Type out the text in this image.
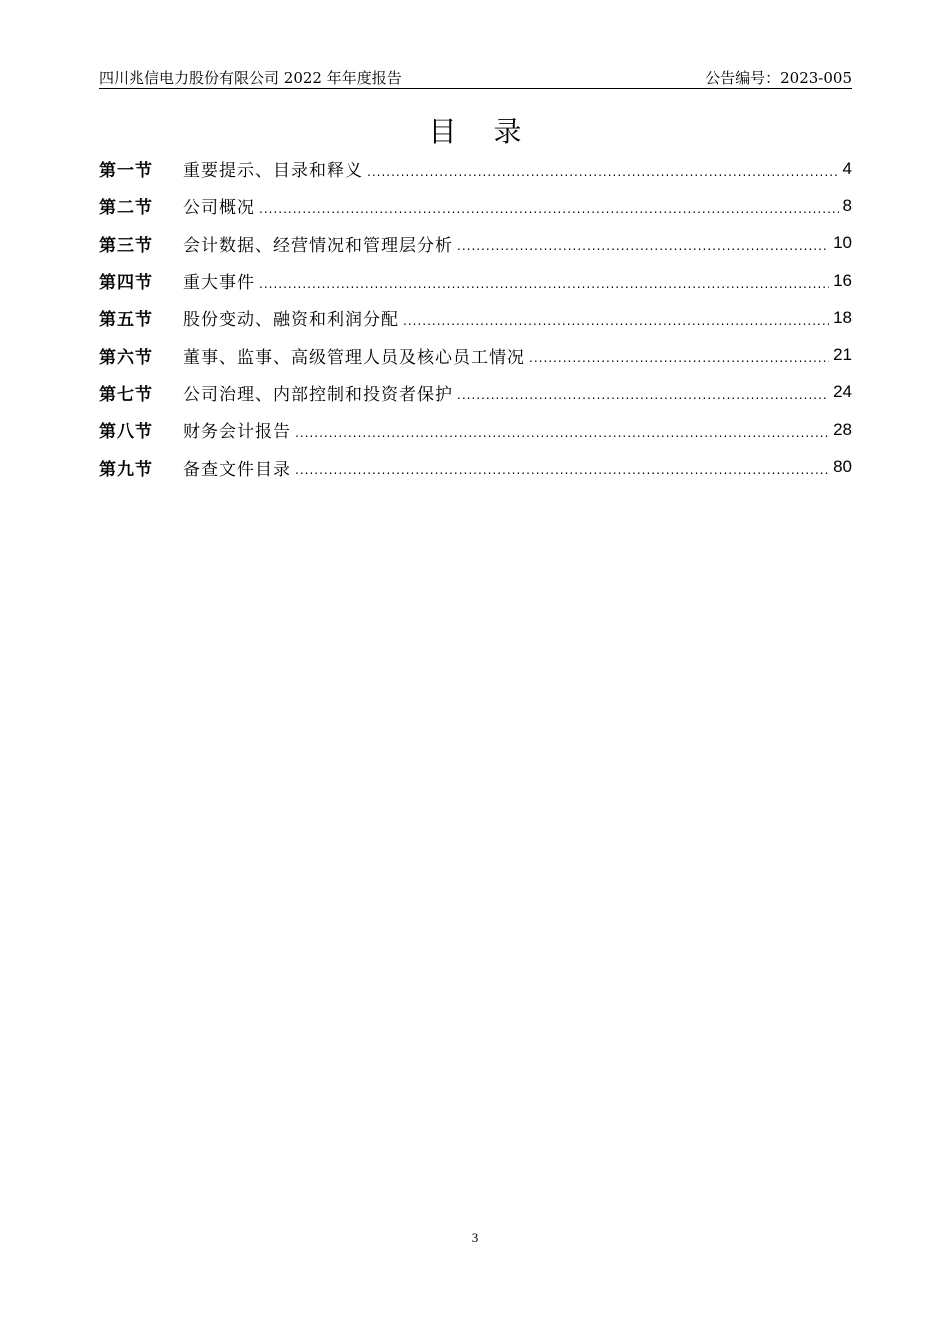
四川兆信电力股份有限公司 2022 年年度报告	公告编号：2023-005
目 录
第一节	重要提示、目录和释义 .....	4
第二节	公司概况 .....	8
第三节	会计数据、经营情况和管理层分析 .....	10
第四节	重大事件 .....	16
第五节	股份变动、融资和利润分配 .....	18
第六节	董事、监事、高级管理人员及核心员工情况 .....	21
第七节	公司治理、内部控制和投资者保护 .....	24
第八节	财务会计报告 .....	28
第九节	备查文件目录 .....	80
3
